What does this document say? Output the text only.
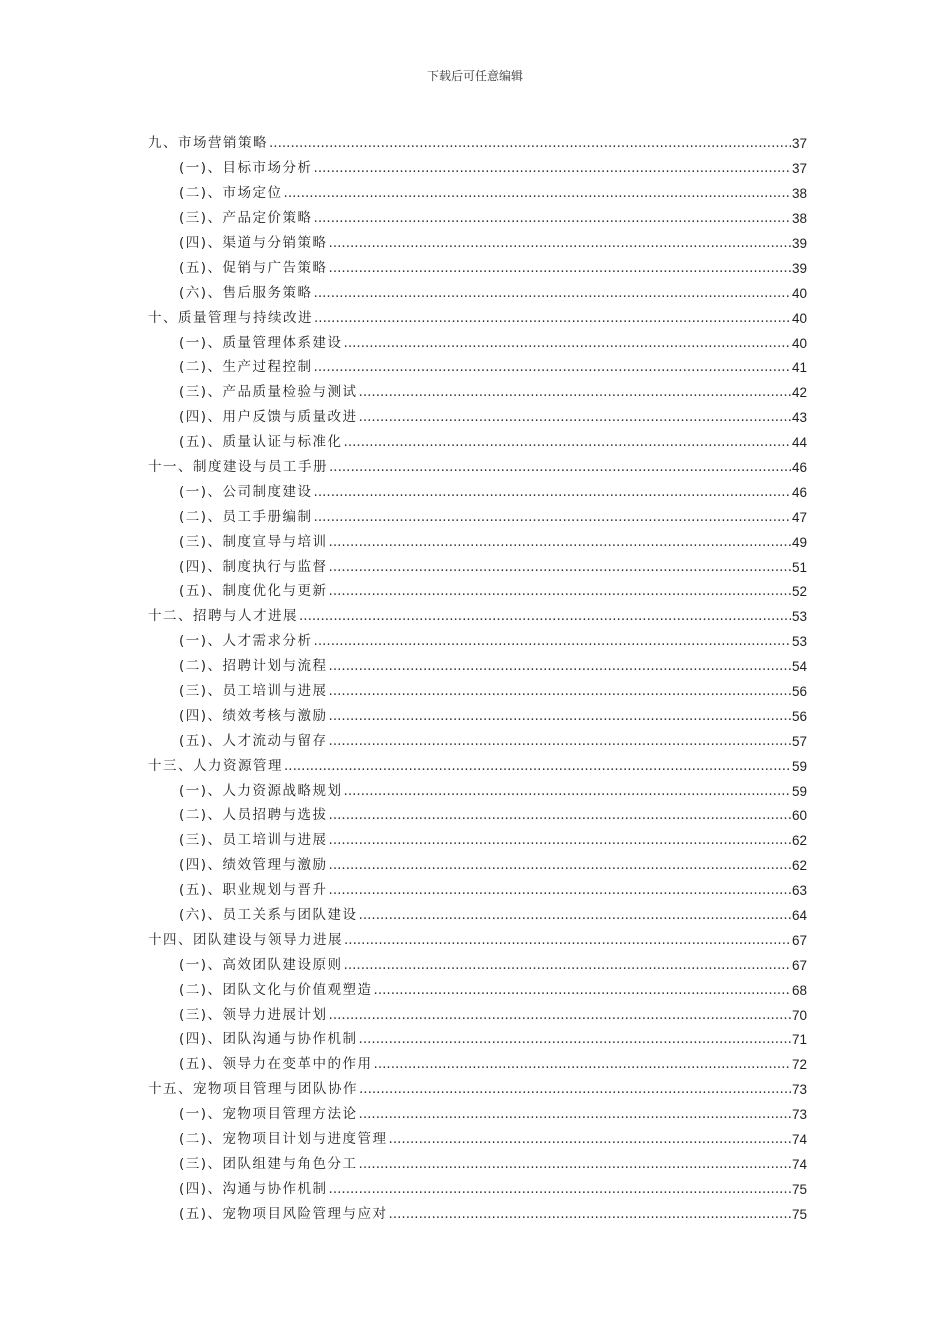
下载后可任意编辑
九、市场营销策略 .....	37
(一)、目标市场分析 .....	37
(二)、市场定位 .....	38
(三)、产品定价策略 .....	38
(四)、渠道与分销策略 .....	39
(五)、促销与广告策略 .....	39
(六)、售后服务策略 .....	40
十、质量管理与持续改进 .....	40
(一)、质量管理体系建设 .....	40
(二)、生产过程控制 .....	41
(三)、产品质量检验与测试 .....	42
(四)、用户反馈与质量改进 .....	43
(五)、质量认证与标准化 .....	44
十一、制度建设与员工手册 .....	46
(一)、公司制度建设 .....	46
(二)、员工手册编制 .....	47
(三)、制度宣导与培训 .....	49
(四)、制度执行与监督 .....	51
(五)、制度优化与更新 .....	52
十二、招聘与人才进展 .....	53
(一)、人才需求分析 .....	53
(二)、招聘计划与流程 .....	54
(三)、员工培训与进展 .....	56
(四)、绩效考核与激励 .....	56
(五)、人才流动与留存 .....	57
十三、人力资源管理 .....	59
(一)、人力资源战略规划 .....	59
(二)、人员招聘与选拔 .....	60
(三)、员工培训与进展 .....	62
(四)、绩效管理与激励 .....	62
(五)、职业规划与晋升 .....	63
(六)、员工关系与团队建设 .....	64
十四、团队建设与领导力进展 .....	67
(一)、高效团队建设原则 .....	67
(二)、团队文化与价值观塑造 .....	68
(三)、领导力进展计划 .....	70
(四)、团队沟通与协作机制 .....	71
(五)、领导力在变革中的作用 .....	72
十五、宠物项目管理与团队协作 .....	73
(一)、宠物项目管理方法论 .....	73
(二)、宠物项目计划与进度管理 .....	74
(三)、团队组建与角色分工 .....	74
(四)、沟通与协作机制 .....	75
(五)、宠物项目风险管理与应对 .....	75
